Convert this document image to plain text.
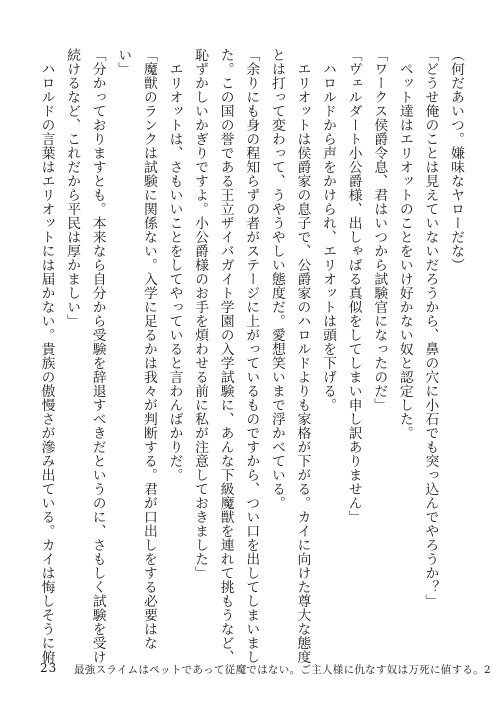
（何だあいつ。嫌味なヤローだな）

「どうせ俺のことは見えていないだろうから、鼻の穴に小石でも突っ込んでやろうか？」

　ペット達はエリオットのことをいけ好かない奴と認定した。

「ワークス侯爵令息、君はいつから試験官になったのだ」

「ヴェルダート小公爵様、出しゃばる真似をしてしまい申し訳ありません」

　ハロルドから声をかけられ、エリオットは頭を下げる。

　エリオットは侯爵家の息子で、公爵家のハロルドよりも家格が下がる。カイに向けた尊大な態度

とは打って変わって、うやうやしい態度だ。愛想笑いまで浮かべている。

「余りにも身の程知らずの者がステージに上がっているものですから、つい口を出してしまいまし

た。この国の誉である王立ザイバガイト学園の入学試験に、あんな下級魔獣を連れて挑もうなど、

恥ずかしいかぎりですよ。小公爵様のお手を煩わせる前に私が注意しておきました」

　エリオットは、さもいいことをしてやっていると言わんばかりだ。

「魔獣のランクは試験に関係ない。入学に足るかは我々が判断する。君が口出しをする必要はな

い」

「分かっておりますとも。本来なら自分から受験を辞退すべきだというのに、さもしく試験を受け

続けるなど、これだから平民は厚かましい」

　ハロルドの言葉はエリオットには届かない。貴族の傲慢さが滲み出ている。カイは悔しそうに俯

23 最強スライムはペットであって従魔ではない。ご主人様に仇なす奴は万死に値する。2
